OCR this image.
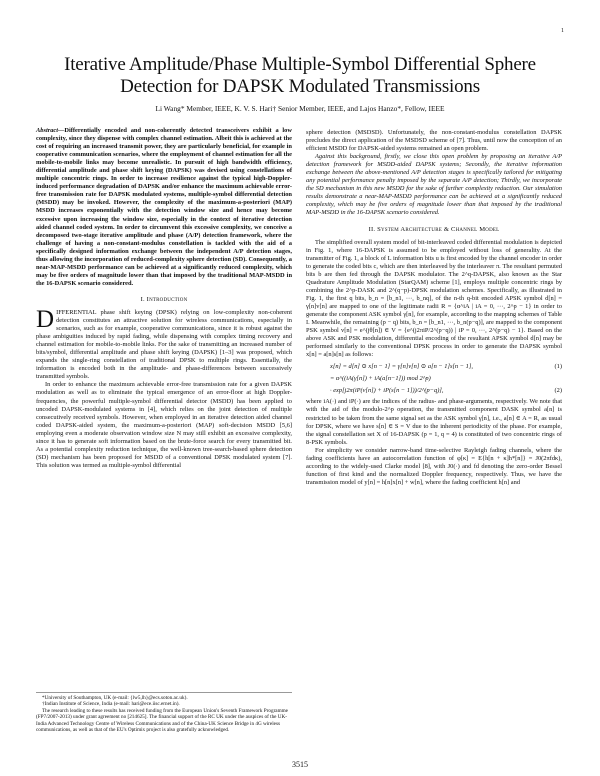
1
Iterative Amplitude/Phase Multiple-Symbol Differential Sphere Detection for DAPSK Modulated Transmissions
Li Wang* Member, IEEE, K. V. S. Hari† Senior Member, IEEE, and Lajos Hanzo*, Fellow, IEEE

Abstract—Differentially encoded and non-coherently detected transceivers exhibit a low complexity, since they dispense with complex channel estimation. Albeit this is achieved at the cost of requiring an increased transmit power, they are particularly beneficial, for example in cooperative communication scenarios, where the employment of channel estimation for all the mobile-to-mobile links may become unrealistic. In pursuit of high bandwidth efficiency, differential amplitude and phase shift keying (DAPSK) was devised using constellations of multiple concentric rings. In order to increase resilience against the typical high-Doppler-induced performance degradation of DAPSK and/or enhance the maximum achievable error-free transmission rate for DAPSK modulated systems, multiple-symbol differential detection (MSDD) may be invoked. However, the complexity of the maximum-a-posteriori (MAP) MSDD increases exponentially with the detection window size and hence may become excessive upon increasing the window size, especially in the context of iterative detection aided channel coded system. In order to circumvent this excessive complexity, we conceive a decomposed two-stage iterative amplitude and phase (A/P) detection framework, where the challenge of having a non-constant-modulus constellation is tackled with the aid of a specifically designed information exchange between the independent A/P detection stages, thus allowing the incorporation of reduced-complexity sphere detection (SD). Consequently, a near-MAP-MSDD performance can be achieved at a significantly reduced complexity, which may be five orders of magnitude lower than that imposed by the traditional MAP-MSDD in the 16-DAPSK scenario considered.

I. Introduction

DIFFERENTIAL phase shift keying (DPSK) relying on low-complexity non-coherent detection constitutes an attractive solution for wireless communications, especially in scenarios, such as for example, cooperative communications, since it is robust against the phase ambiguities induced by rapid fading, while dispensing with complex timing recovery and channel estimation for mobile-to-mobile links. For the sake of transmitting an increased number of bits/symbol, differential amplitude and phase shift keying (DAPSK) [1–3] was proposed, which expands the single-ring constellation of traditional DPSK to multiple rings. Essentially, the information is encoded both in the amplitude- and phase-differences between successively transmitted symbols.

In order to enhance the maximum achievable error-free transmission rate for a given DAPSK modulation as well as to eliminate the typical emergence of an error-floor at high Doppler-frequencies, the powerful multiple-symbol differential detector (MSDD) has been applied to uncoded DAPSK-modulated systems in [4], which relies on the joint detection of multiple consecutively received symbols. However, when employed in an iterative detection aided channel coded DAPSK-aided system, the maximum-a-posteriori (MAP) soft-decision MSDD [5,6] employing even a moderate observation window size N may still exhibit an excessive complexity, since it has to generate soft information based on the brute-force search for every transmitted bit. As a potential complexity reduction technique, the well-known tree-search-based sphere detection (SD) mechanism has been proposed for MSDD of a conventional DPSK modulated system [7]. This solution was termed as multiple-symbol differential

*University of Southampton, UK (e-mail: {lw5,lh}@ecs.soton.ac.uk).
†Indian Institute of Science, India (e-mail: hari@ece.iisc.ernet.in).
The research leading to these results has received funding from the European Union's Seventh Framework Programme (FP7/2007-2013) under grant agreement no [214625]. The financial support of the RC UK under the auspices of the UK-India Advanced Technology Centre of Wireless Communications and of the China-UK Science Bridge in 4G wireless communications, as well as that of the EU's Optimix project is also gratefully acknowledged.

sphere detection (MSDSD). Unfortunately, the non-constant-modulus constellation DAPSK precludes the direct application of the MSDSD scheme of [7]. Thus, until now the conception of an efficient MSDD for DAPSK-aided systems remained an open problem.

Against this background, firstly, we close this open problem by proposing an iterative A/P detection framework for MSDD-aided DAPSK systems; Secondly, the iterative information exchange between the above-mentioned A/P detection stages is specifically tailored for mitigating any potential performance penalty imposed by the separate A/P detection; Thirdly, we incorporate the SD mechanism in this new MSDD for the sake of further complexity reduction. Our simulation results demonstrate a near-MAP-MSDD performance can be achieved at a significantly reduced complexity, which may be five orders of magnitude lower than that imposed by the traditional MAP-MSDD in the 16-DAPSK scenario considered.

II. System Architecture & Channel Model

The simplified overall system model of bit-interleaved coded differential modulation is depicted in Fig. 1, where 16-DAPSK is assumed to be employed without loss of generality. At the transmitter of Fig. 1, a block of L information bits u is first encoded by the channel encoder in order to generate the coded bits c, which are then interleaved by the interleaver π. The resultant permuted bits b are then fed through the DAPSK modulator. The 2^q-DAPSK, also known as the Star Quadrature Amplitude Modulation (StarQAM) scheme [1], employs multiple concentric rings by combining the 2^p-DASK and 2^(q−p)-DPSK modulation schemes. Specifically, as illustrated in Fig. 1, the first q bits, b_n = [b_n1, ···, b_nq], of the n-th q-bit encoded APSK symbol d[n] = γ[n]v[n] are mapped to one of the legitimate radii R = {α^iA | iA = 0, ···, 2^p − 1} in order to generate the component ASK symbol γ[n], for example, according to the mapping schemes of Table I. Meanwhile, the remaining (p − q) bits, b_n = [b_n1, ···, b_n(p−q)], are mapped to the component PSK symbol v[n] = e^(jθ[n]) ∈ V = {e^(j2πiP/2^(p−q)) | iP = 0, ···, 2^(p−q) − 1}. Based on the above ASK and PSK modulation, differential encoding of the resultant APSK symbol d[n] may be performed similarly to the conventional DPSK process in order to generate the DAPSK symbol x[n] = a[n]s[n] as follows:

x[n] = d[n] ⊙ x[n − 1] = γ[n]v[n] ⊙ a[n − 1]s[n − 1],	(1)
= α^((iA(γ[n]) + iA(a[n−1])) mod 2^p)
· exp[j2π(iP(v[n]) + iP(s[n − 1]))/2^(p−q)],	(2)

where iA(·) and iP(·) are the indices of the radius- and phase-arguments, respectively. We note that with the aid of the modulo-2^p operation, the transmitted component DASK symbol a[n] is restricted to be taken from the same signal set as the ASK symbol γ[n], i.e., a[n] ∈ A = R, as usual for DPSK, where we have s[n] ∈ S = V due to the inherent periodicity of the phase. For example, the signal constellation set X of 16-DAPSK (p = 1, q = 4) is constituted of two concentric rings of 8-PSK symbols.

For simplicity we consider narrow-band time-selective Rayleigh fading channels, where the fading coefficients have an autocorrelation function of φ[κ] = E{h[n + κ]h*[n]} = J0(2πfdκ), according to the widely-used Clarke model [8], with J0(·) and fd denoting the zero-order Bessel function of first kind and the normalized Doppler frequency, respectively. Thus, we have the transmission model of y[n] = h[n]x[n] + w[n], where the fading coefficient h[n] and

3515
